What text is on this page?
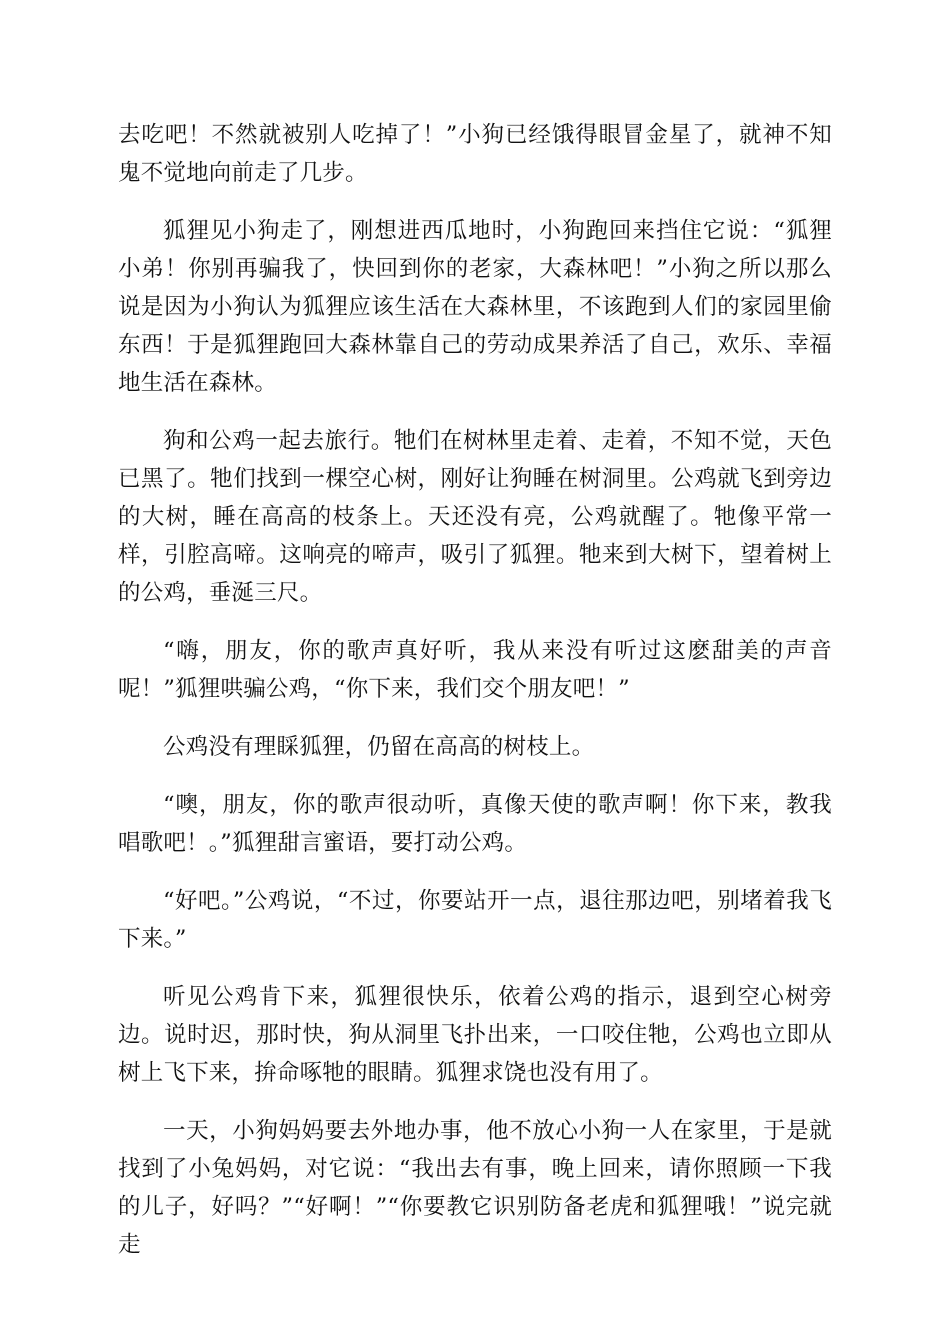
去吃吧！不然就被别人吃掉了！”小狗已经饿得眼冒金星了，就神不知鬼不觉地向前走了几步。

狐狸见小狗走了，刚想进西瓜地时，小狗跑回来挡住它说：“狐狸小弟！你别再骗我了，快回到你的老家，大森林吧！”小狗之所以那么说是因为小狗认为狐狸应该生活在大森林里，不该跑到人们的家园里偷东西！于是狐狸跑回大森林靠自己的劳动成果养活了自己，欢乐、幸福地生活在森林。

狗和公鸡一起去旅行。牠们在树林里走着、走着，不知不觉，天色已黑了。牠们找到一棵空心树，刚好让狗睡在树洞里。公鸡就飞到旁边的大树，睡在高高的枝条上。天还没有亮，公鸡就醒了。牠像平常一样，引腔高啼。这响亮的啼声，吸引了狐狸。牠来到大树下，望着树上的公鸡，垂涎三尺。

“嗨，朋友，你的歌声真好听，我从来没有听过这麽甜美的声音呢！”狐狸哄骗公鸡，“你下来，我们交个朋友吧！”

公鸡没有理睬狐狸，仍留在高高的树枝上。

“噢，朋友，你的歌声很动听，真像天使的歌声啊！你下来，教我唱歌吧！。”狐狸甜言蜜语，要打动公鸡。

“好吧。”公鸡说，“不过，你要站开一点，退往那边吧，别堵着我飞下来。”

听见公鸡肯下来，狐狸很快乐，依着公鸡的指示，退到空心树旁边。说时迟，那时快，狗从洞里飞扑出来，一口咬住牠，公鸡也立即从树上飞下来，拚命啄牠的眼睛。狐狸求饶也没有用了。

一天，小狗妈妈要去外地办事，他不放心小狗一人在家里，于是就找到了小兔妈妈，对它说：“我出去有事，晚上回来，请你照顾一下我的儿子，好吗？”“好啊！”“你要教它识别防备老虎和狐狸哦！”说完就走
